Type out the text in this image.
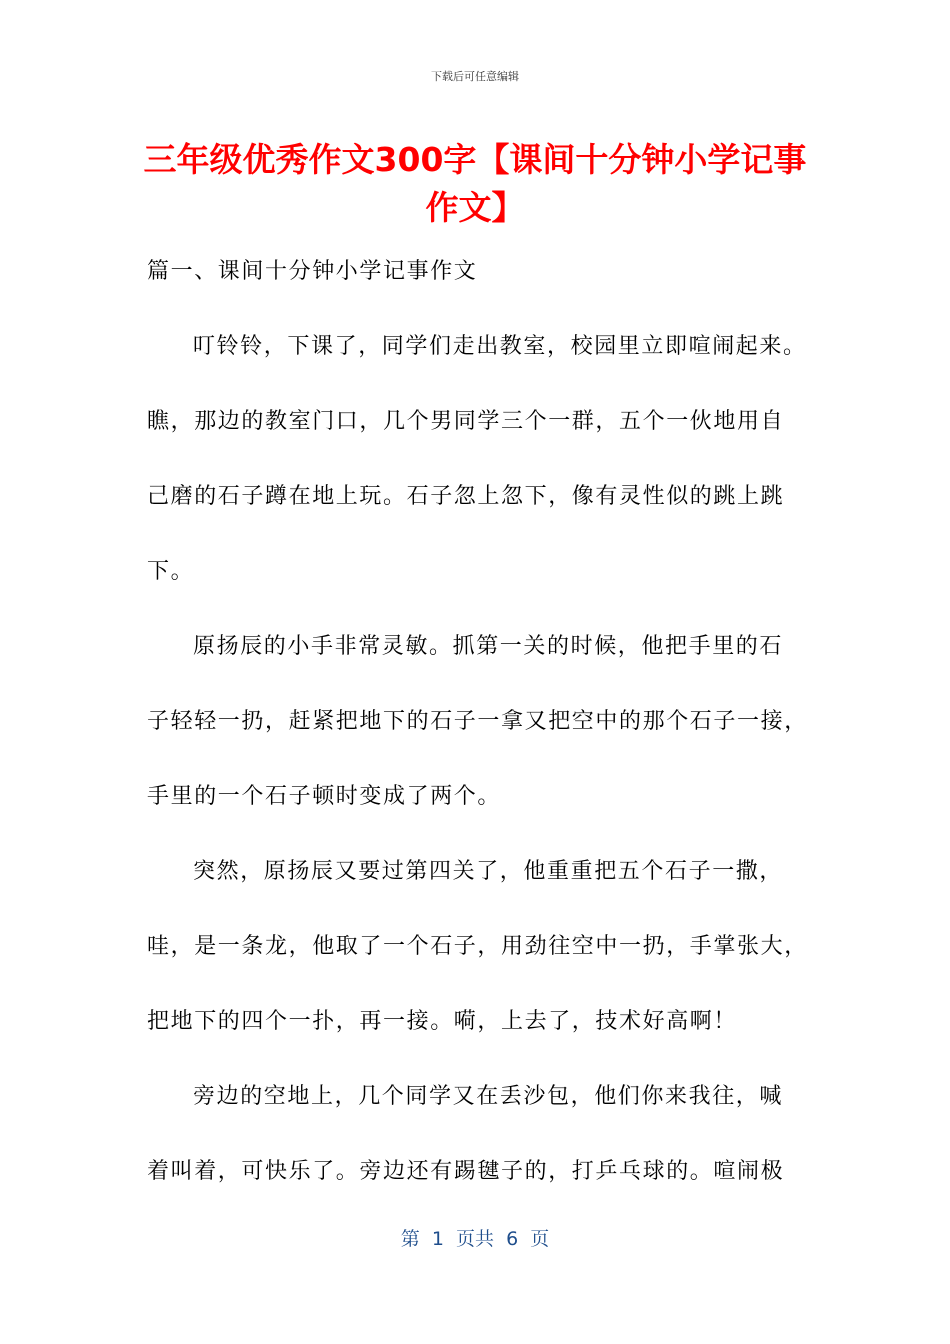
下载后可任意编辑
三年级优秀作文300字【课间十分钟小学记事作文】
篇一、课间十分钟小学记事作文
叮铃铃，下课了，同学们走出教室，校园里立即喧闹起来。
瞧，那边的教室门口，几个男同学三个一群，五个一伙地用自
己磨的石子蹲在地上玩。石子忽上忽下，像有灵性似的跳上跳
下。
原扬辰的小手非常灵敏。抓第一关的时候，他把手里的石
子轻轻一扔，赶紧把地下的石子一拿又把空中的那个石子一接，
手里的一个石子顿时变成了两个。
突然，原扬辰又要过第四关了，他重重把五个石子一撒，
哇，是一条龙，他取了一个石子，用劲往空中一扔，手掌张大，
把地下的四个一扑，再一接。嗬，上去了，技术好高啊！
旁边的空地上，几个同学又在丢沙包，他们你来我往，喊
着叫着，可快乐了。旁边还有踢毽子的，打乒乓球的。喧闹极
第  1  页共  6  页
